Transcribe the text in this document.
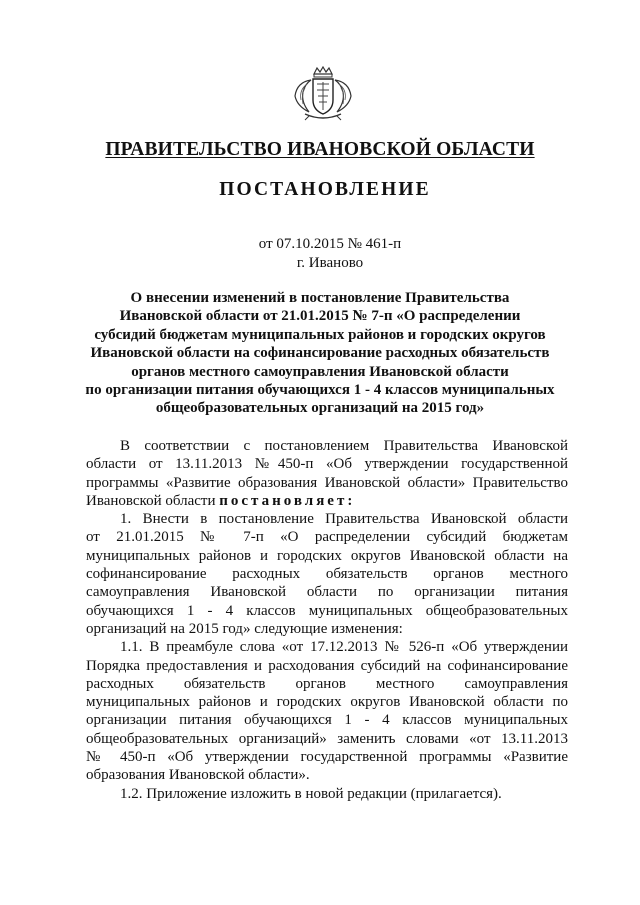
ПРАВИТЕЛЬСТВО ИВАНОВСКОЙ ОБЛАСТИ
ПОСТАНОВЛЕНИЕ
от 07.10.2015 № 461-п
г. Иваново
О внесении изменений в постановление Правительства
Ивановской области от 21.01.2015 № 7-п «О распределении
субсидий бюджетам муниципальных районов и городских округов
Ивановской области на софинансирование расходных обязательств
органов местного самоуправления Ивановской области
по организации питания обучающихся 1 - 4 классов муниципальных
общеобразовательных организаций на 2015 год»
В соответствии с постановлением Правительства Ивановской
области от 13.11.2013 №450-п «Об утверждении государственной
программы «Развитие образования Ивановской области» Правительство
Ивановской области постановляет:
1. Внести в постановление Правительства Ивановской области
от 21.01.2015 № 7-п «О распределении субсидий бюджетам
муниципальных районов и городских округов Ивановской области на
софинансирование расходных обязательств органов местного
самоуправления Ивановской области по организации питания
обучающихся 1 - 4 классов муниципальных общеобразовательных
организаций на 2015 год» следующие изменения:
1.1. В преамбуле слова «от 17.12.2013 № 526-п «Об утверждении
Порядка предоставления и расходования субсидий на софинансирование
расходных обязательств органов местного самоуправления
муниципальных районов и городских округов Ивановской области по
организации питания обучающихся 1 - 4 классов муниципальных
общеобразовательных организаций» заменить словами «от 13.11.2013
№ 450-п «Об утверждении государственной программы «Развитие
образования Ивановской области».
1.2. Приложение изложить в новой редакции (прилагается).
